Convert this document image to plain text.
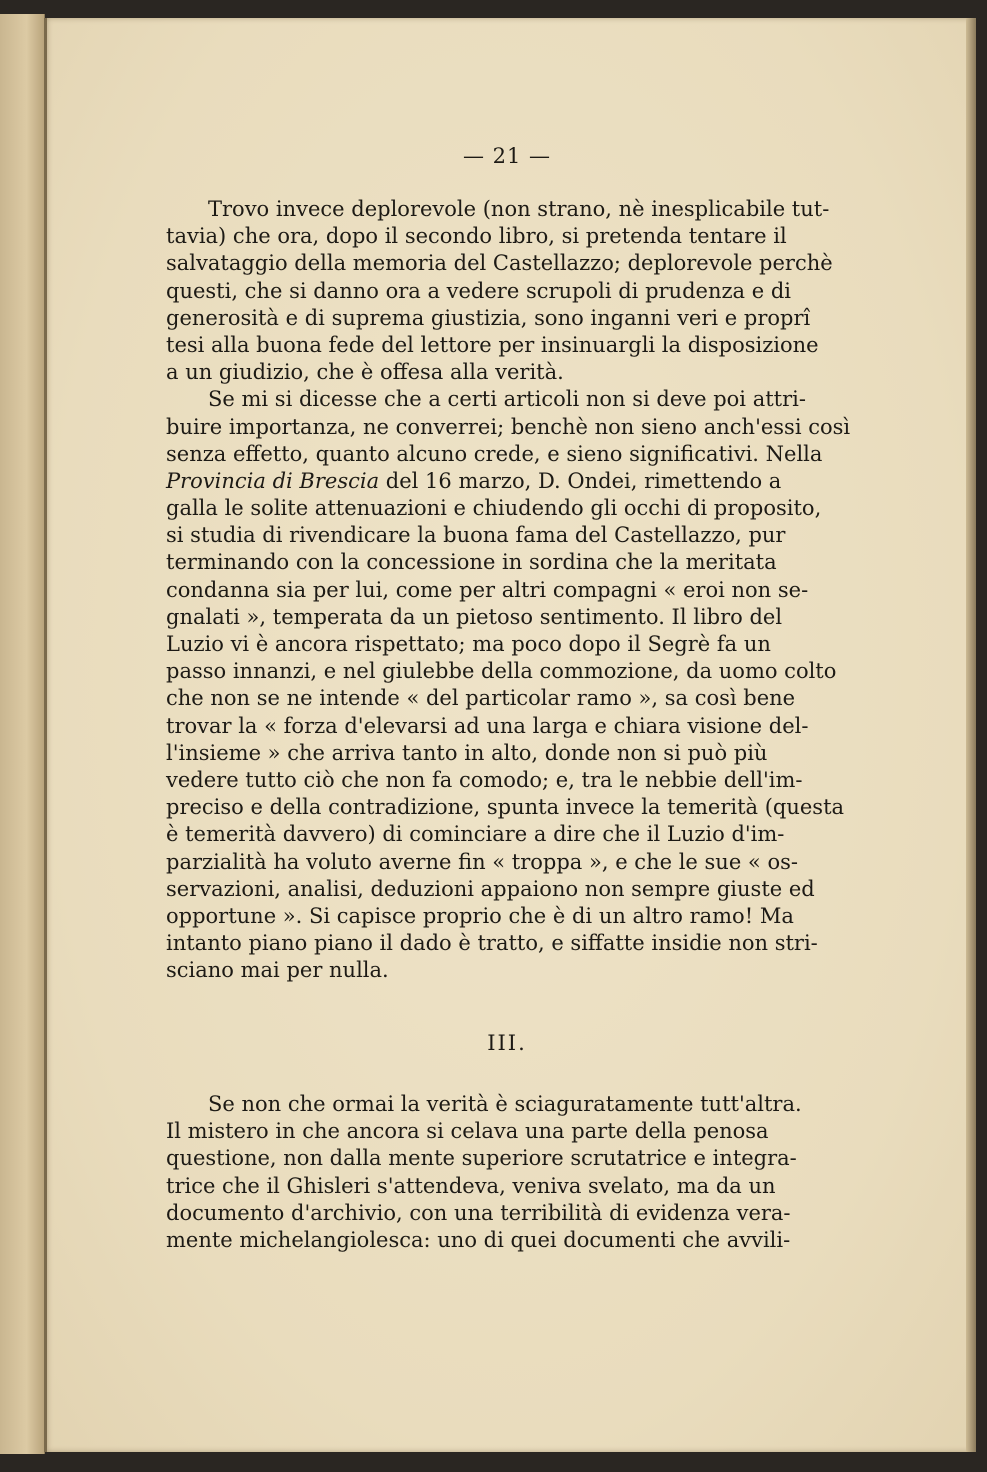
— 21 —
Trovo invece deplorevole (non strano, nè inesplicabile tut-
tavia) che ora, dopo il secondo libro, si pretenda tentare il
salvataggio della memoria del Castellazzo; deplorevole perchè
questi, che si danno ora a vedere scrupoli di prudenza e di
generosità e di suprema giustizia, sono inganni veri e proprî
tesi alla buona fede del lettore per insinuargli la disposizione
a un giudizio, che è offesa alla verità.
Se mi si dicesse che a certi articoli non si deve poi attri-
buire importanza, ne converrei; benchè non sieno anch'essi così
senza effetto, quanto alcuno crede, e sieno significativi. Nella
Provincia di Brescia del 16 marzo, D. Ondei, rimettendo a
galla le solite attenuazioni e chiudendo gli occhi di proposito,
si studia di rivendicare la buona fama del Castellazzo, pur
terminando con la concessione in sordina che la meritata
condanna sia per lui, come per altri compagni « eroi non se-
gnalati », temperata da un pietoso sentimento. Il libro del
Luzio vi è ancora rispettato; ma poco dopo il Segrè fa un
passo innanzi, e nel giulebbe della commozione, da uomo colto
che non se ne intende « del particolar ramo », sa così bene
trovar la « forza d'elevarsi ad una larga e chiara visione del-
l'insieme » che arriva tanto in alto, donde non si può più
vedere tutto ciò che non fa comodo; e, tra le nebbie dell'im-
preciso e della contradizione, spunta invece la temerità (questa
è temerità davvero) di cominciare a dire che il Luzio d'im-
parzialità ha voluto averne fin « troppa », e che le sue « os-
servazioni, analisi, deduzioni appaiono non sempre giuste ed
opportune ». Si capisce proprio che è di un altro ramo! Ma
intanto piano piano il dado è tratto, e siffatte insidie non stri-
sciano mai per nulla.
III.
Se non che ormai la verità è sciaguratamente tutt'altra.
Il mistero in che ancora si celava una parte della penosa
questione, non dalla mente superiore scrutatrice e integra-
trice che il Ghisleri s'attendeva, veniva svelato, ma da un
documento d'archivio, con una terribilità di evidenza vera-
mente michelangiolesca: uno di quei documenti che avvili-
